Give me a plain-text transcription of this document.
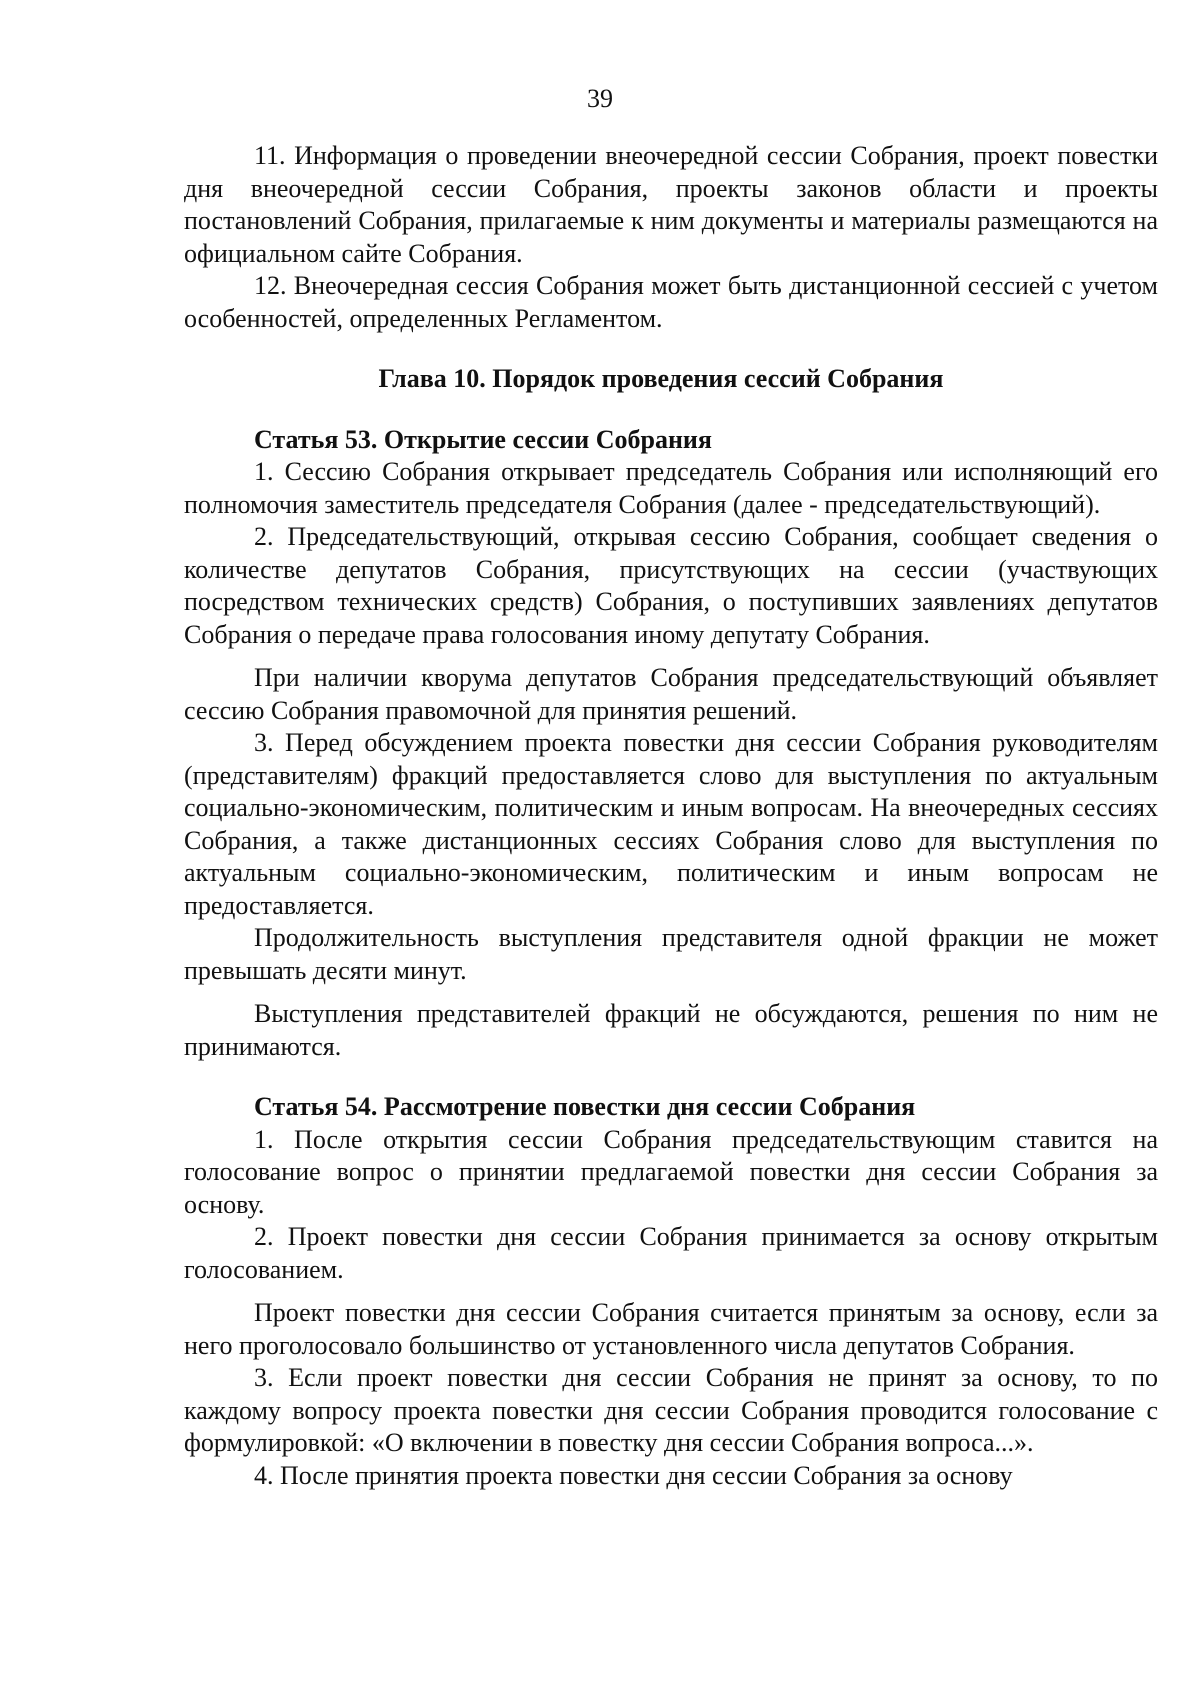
39

11. Информация о проведении внеочередной сессии Собрания, проект повестки дня внеочередной сессии Собрания, проекты законов области и проекты постановлений Собрания, прилагаемые к ним документы и материалы размещаются на официальном сайте Собрания.

12. Внеочередная сессия Собрания может быть дистанционной сессией с учетом особенностей, определенных Регламентом.

Глава 10. Порядок проведения сессий Собрания

Статья 53. Открытие сессии Собрания

1. Сессию Собрания открывает председатель Собрания или исполняющий его полномочия заместитель председателя Собрания (далее - председательствующий).

2. Председательствующий, открывая сессию Собрания, сообщает сведения о количестве депутатов Собрания, присутствующих на сессии (участвующих посредством технических средств) Собрания, о поступивших заявлениях депутатов Собрания о передаче права голосования иному депутату Собрания.

При наличии кворума депутатов Собрания председательствующий объявляет сессию Собрания правомочной для принятия решений.

3. Перед обсуждением проекта повестки дня сессии Собрания руководителям (представителям) фракций предоставляется слово для выступления по актуальным социально-экономическим, политическим и иным вопросам. На внеочередных сессиях Собрания, а также дистанционных сессиях Собрания слово для выступления по актуальным социально-экономическим, политическим и иным вопросам не предоставляется.

Продолжительность выступления представителя одной фракции не может превышать десяти минут.

Выступления представителей фракций не обсуждаются, решения по ним не принимаются.

Статья 54. Рассмотрение повестки дня сессии Собрания

1. После открытия сессии Собрания председательствующим ставится на голосование вопрос о принятии предлагаемой повестки дня сессии Собрания за основу.

2. Проект повестки дня сессии Собрания принимается за основу открытым голосованием.

Проект повестки дня сессии Собрания считается принятым за основу, если за него проголосовало большинство от установленного числа депутатов Собрания.

3. Если проект повестки дня сессии Собрания не принят за основу, то по каждому вопросу проекта повестки дня сессии Собрания проводится голосование с формулировкой: «О включении в повестку дня сессии Собрания вопроса...».

4. После принятия проекта повестки дня сессии Собрания за основу
